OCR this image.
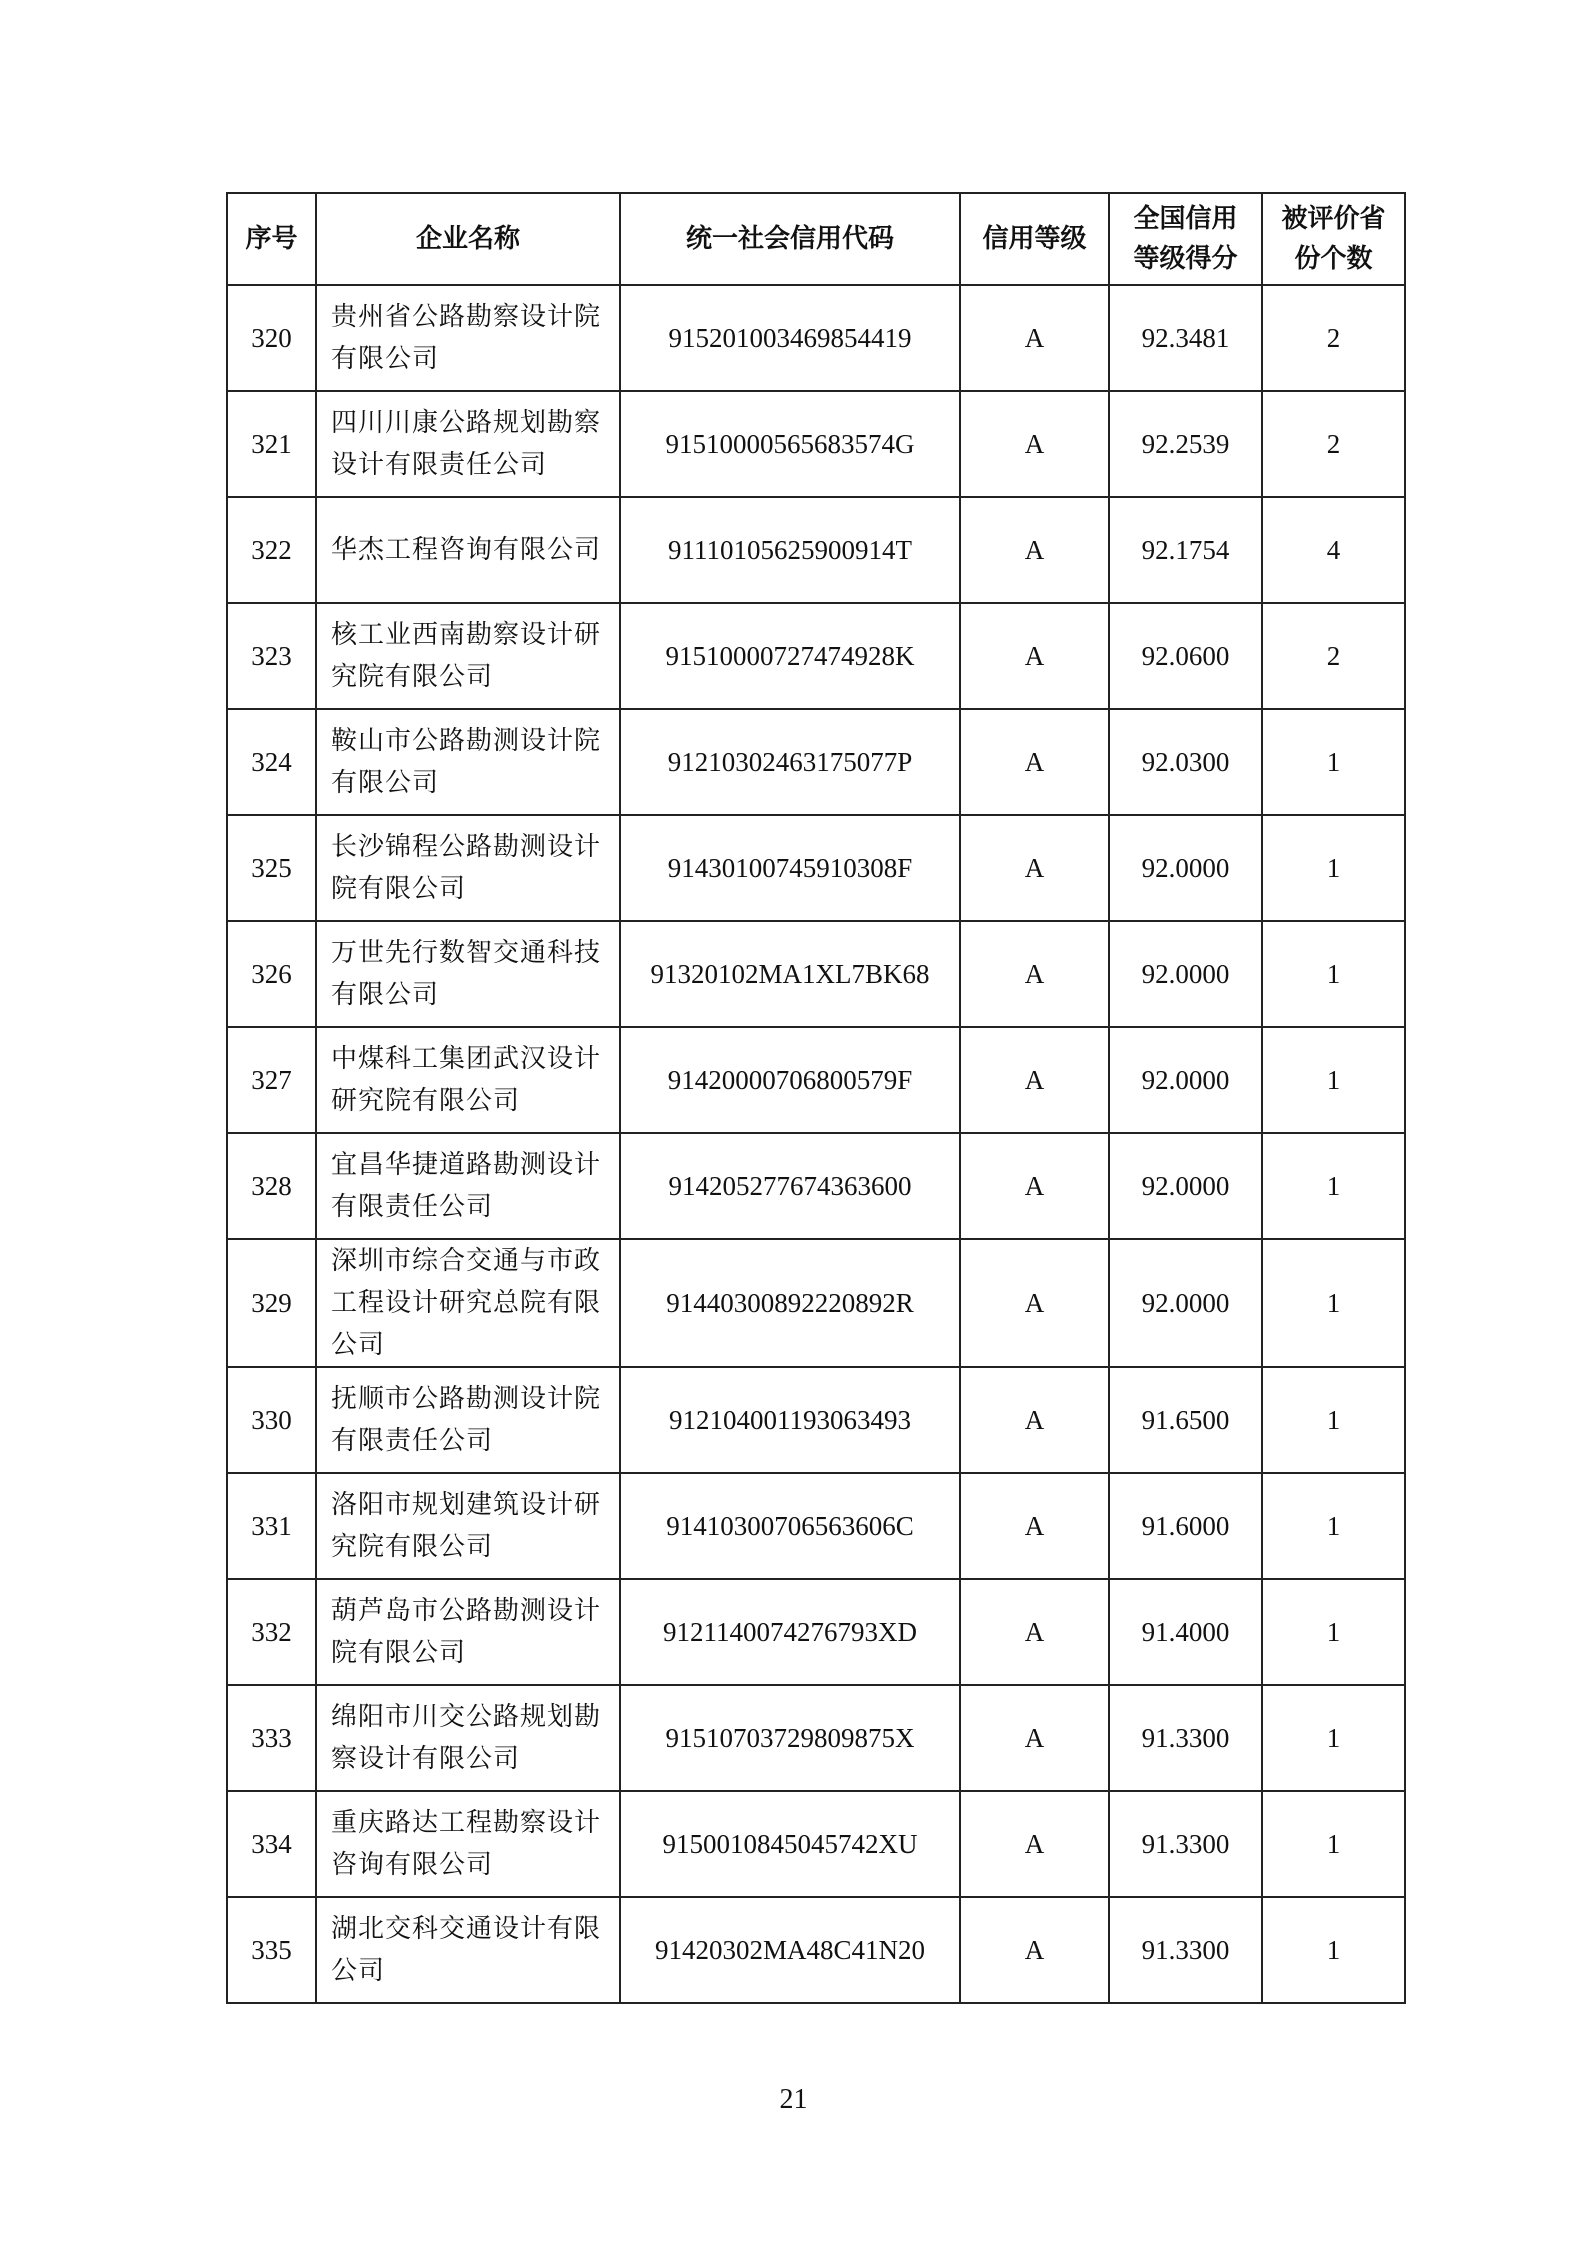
序号	企业名称	统一社会信用代码	信用等级	全国信用等级得分	被评价省份个数
320	贵州省公路勘察设计院有限公司	915201003469854419	A	92.3481	2
321	四川川康公路规划勘察设计有限责任公司	91510000565683574G	A	92.2539	2
322	华杰工程咨询有限公司	91110105625900914T	A	92.1754	4
323	核工业西南勘察设计研究院有限公司	91510000727474928K	A	92.0600	2
324	鞍山市公路勘测设计院有限公司	91210302463175077P	A	92.0300	1
325	长沙锦程公路勘测设计院有限公司	91430100745910308F	A	92.0000	1
326	万世先行数智交通科技有限公司	91320102MA1XL7BK68	A	92.0000	1
327	中煤科工集团武汉设计研究院有限公司	91420000706800579F	A	92.0000	1
328	宜昌华捷道路勘测设计有限责任公司	914205277674363600	A	92.0000	1
329	深圳市综合交通与市政工程设计研究总院有限公司	91440300892220892R	A	92.0000	1
330	抚顺市公路勘测设计院有限责任公司	912104001193063493	A	91.6500	1
331	洛阳市规划建筑设计研究院有限公司	91410300706563606C	A	91.6000	1
332	葫芦岛市公路勘测设计院有限公司	9121140074276793XD	A	91.4000	1
333	绵阳市川交公路规划勘察设计有限公司	91510703729809875X	A	91.3300	1
334	重庆路达工程勘察设计咨询有限公司	9150010845045742XU	A	91.3300	1
335	湖北交科交通设计有限公司	91420302MA48C41N20	A	91.3300	1
21
